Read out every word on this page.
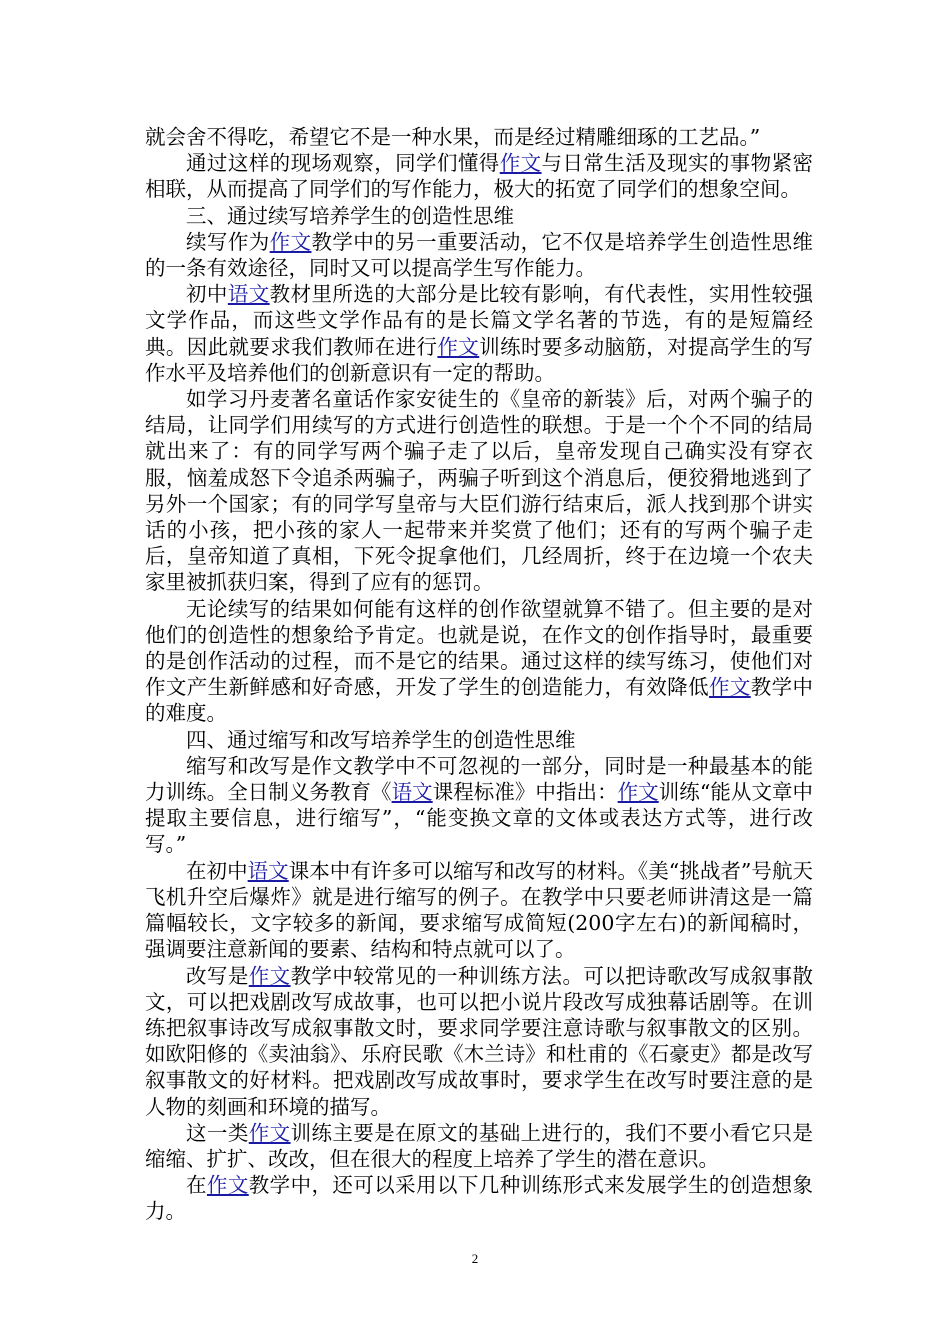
就会舍不得吃，希望它不是一种水果，而是经过精雕细琢的工艺品。”

通过这样的现场观察，同学们懂得作文与日常生活及现实的事物紧密相联，从而提高了同学们的写作能力，极大的拓宽了同学们的想象空间。

三、通过续写培养学生的创造性思维

续写作为作文教学中的另一重要活动，它不仅是培养学生创造性思维的一条有效途径，同时又可以提高学生写作能力。

初中语文教材里所选的大部分是比较有影响，有代表性，实用性较强文学作品，而这些文学作品有的是长篇文学名著的节选，有的是短篇经典。因此就要求我们教师在进行作文训练时要多动脑筋，对提高学生的写作水平及培养他们的创新意识有一定的帮助。

如学习丹麦著名童话作家安徒生的《皇帝的新装》后，对两个骗子的结局，让同学们用续写的方式进行创造性的联想。于是一个个不同的结局就出来了：有的同学写两个骗子走了以后，皇帝发现自己确实没有穿衣服，恼羞成怒下令追杀两骗子，两骗子听到这个消息后，便狡猾地逃到了另外一个国家；有的同学写皇帝与大臣们游行结束后，派人找到那个讲实话的小孩，把小孩的家人一起带来并奖赏了他们；还有的写两个骗子走后，皇帝知道了真相，下死令捉拿他们，几经周折，终于在边境一个农夫家里被抓获归案，得到了应有的惩罚。

无论续写的结果如何能有这样的创作欲望就算不错了。但主要的是对他们的创造性的想象给予肯定。也就是说，在作文的创作指导时，最重要的是创作活动的过程，而不是它的结果。通过这样的续写练习，使他们对作文产生新鲜感和好奇感，开发了学生的创造能力，有效降低作文教学中的难度。

四、通过缩写和改写培养学生的创造性思维

缩写和改写是作文教学中不可忽视的一部分，同时是一种最基本的能力训练。全日制义务教育《语文课程标准》中指出：作文训练“能从文章中提取主要信息，进行缩写”，“能变换文章的文体或表达方式等，进行改写。”

在初中语文课本中有许多可以缩写和改写的材料。《美“挑战者”号航天飞机升空后爆炸》就是进行缩写的例子。在教学中只要老师讲清这是一篇篇幅较长，文字较多的新闻，要求缩写成简短(200字左右)的新闻稿时，强调要注意新闻的要素、结构和特点就可以了。

改写是作文教学中较常见的一种训练方法。可以把诗歌改写成叙事散文，可以把戏剧改写成故事，也可以把小说片段改写成独幕话剧等。在训练把叙事诗改写成叙事散文时，要求同学要注意诗歌与叙事散文的区别。如欧阳修的《卖油翁》、乐府民歌《木兰诗》和杜甫的《石豪吏》都是改写叙事散文的好材料。把戏剧改写成故事时，要求学生在改写时要注意的是人物的刻画和环境的描写。

这一类作文训练主要是在原文的基础上进行的，我们不要小看它只是缩缩、扩扩、改改，但在很大的程度上培养了学生的潜在意识。

在作文教学中，还可以采用以下几种训练形式来发展学生的创造想象力。

2
